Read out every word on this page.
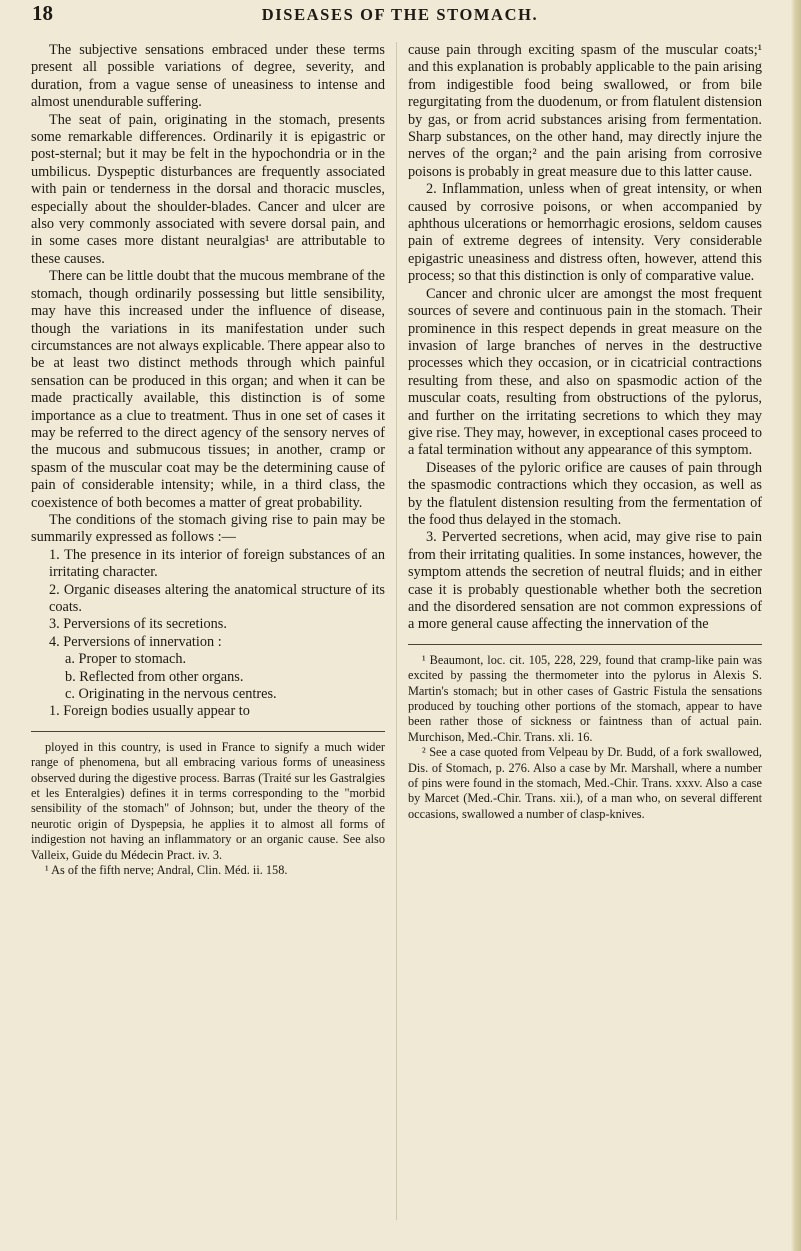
18	DISEASES OF THE STOMACH.

The subjective sensations embraced under these terms present all possible variations of degree, severity, and duration, from a vague sense of uneasiness to intense and almost unendurable suffering.

The seat of pain, originating in the stomach, presents some remarkable differences. Ordinarily it is epigastric or post-sternal; but it may be felt in the hypochondria or in the umbilicus. Dyspeptic disturbances are frequently associated with pain or tenderness in the dorsal and thoracic muscles, especially about the shoulder-blades. Cancer and ulcer are also very commonly associated with severe dorsal pain, and in some cases more distant neuralgias¹ are attributable to these causes.

There can be little doubt that the mucous membrane of the stomach, though ordinarily possessing but little sensibility, may have this increased under the influence of disease, though the variations in its manifestation under such circumstances are not always explicable. There appear also to be at least two distinct methods through which painful sensation can be produced in this organ; and when it can be made practically available, this distinction is of some importance as a clue to treatment. Thus in one set of cases it may be referred to the direct agency of the sensory nerves of the mucous and submucous tissues; in another, cramp or spasm of the muscular coat may be the determining cause of pain of considerable intensity; while, in a third class, the coexistence of both becomes a matter of great probability.

The conditions of the stomach giving rise to pain may be summarily expressed as follows :—

1. The presence in its interior of foreign substances of an irritating character.
2. Organic diseases altering the anatomical structure of its coats.
3. Perversions of its secretions.
4. Perversions of innervation :
a. Proper to stomach.
b. Reflected from other organs.
c. Originating in the nervous centres.

1. Foreign bodies usually appear to

ployed in this country, is used in France to signify a much wider range of phenomena, but all embracing various forms of uneasiness observed during the digestive process. Barras (Traité sur les Gastralgies et les Enteralgies) defines it in terms corresponding to the "morbid sensibility of the stomach" of Johnson; but, under the theory of the neurotic origin of Dyspepsia, he applies it to almost all forms of indigestion not having an inflammatory or an organic cause. See also Valleix, Guide du Médecin Pract. iv. 3.

¹ As of the fifth nerve; Andral, Clin. Méd. ii. 158.

cause pain through exciting spasm of the muscular coats;¹ and this explanation is probably applicable to the pain arising from indigestible food being swallowed, or from bile regurgitating from the duodenum, or from flatulent distension by gas, or from acrid substances arising from fermentation. Sharp substances, on the other hand, may directly injure the nerves of the organ;² and the pain arising from corrosive poisons is probably in great measure due to this latter cause.

2. Inflammation, unless when of great intensity, or when caused by corrosive poisons, or when accompanied by aphthous ulcerations or hemorrhagic erosions, seldom causes pain of extreme degrees of intensity. Very considerable epigastric uneasiness and distress often, however, attend this process; so that this distinction is only of comparative value.

Cancer and chronic ulcer are amongst the most frequent sources of severe and continuous pain in the stomach. Their prominence in this respect depends in great measure on the invasion of large branches of nerves in the destructive processes which they occasion, or in cicatricial contractions resulting from these, and also on spasmodic action of the muscular coats, resulting from obstructions of the pylorus, and further on the irritating secretions to which they may give rise. They may, however, in exceptional cases proceed to a fatal termination without any appearance of this symptom.

Diseases of the pyloric orifice are causes of pain through the spasmodic contractions which they occasion, as well as by the flatulent distension resulting from the fermentation of the food thus delayed in the stomach.

3. Perverted secretions, when acid, may give rise to pain from their irritating qualities. In some instances, however, the symptom attends the secretion of neutral fluids; and in either case it is probably questionable whether both the secretion and the disordered sensation are not common expressions of a more general cause affecting the innervation of the

¹ Beaumont, loc. cit. 105, 228, 229, found that cramp-like pain was excited by passing the thermometer into the pylorus in Alexis S. Martin's stomach; but in other cases of Gastric Fistula the sensations produced by touching other portions of the stomach, appear to have been rather those of sickness or faintness than of actual pain. Murchison, Med.-Chir. Trans. xli. 16.

² See a case quoted from Velpeau by Dr. Budd, of a fork swallowed, Dis. of Stomach, p. 276. Also a case by Mr. Marshall, where a number of pins were found in the stomach, Med.-Chir. Trans. xxxv. Also a case by Marcet (Med.-Chir. Trans. xii.), of a man who, on several different occasions, swallowed a number of clasp-knives.
